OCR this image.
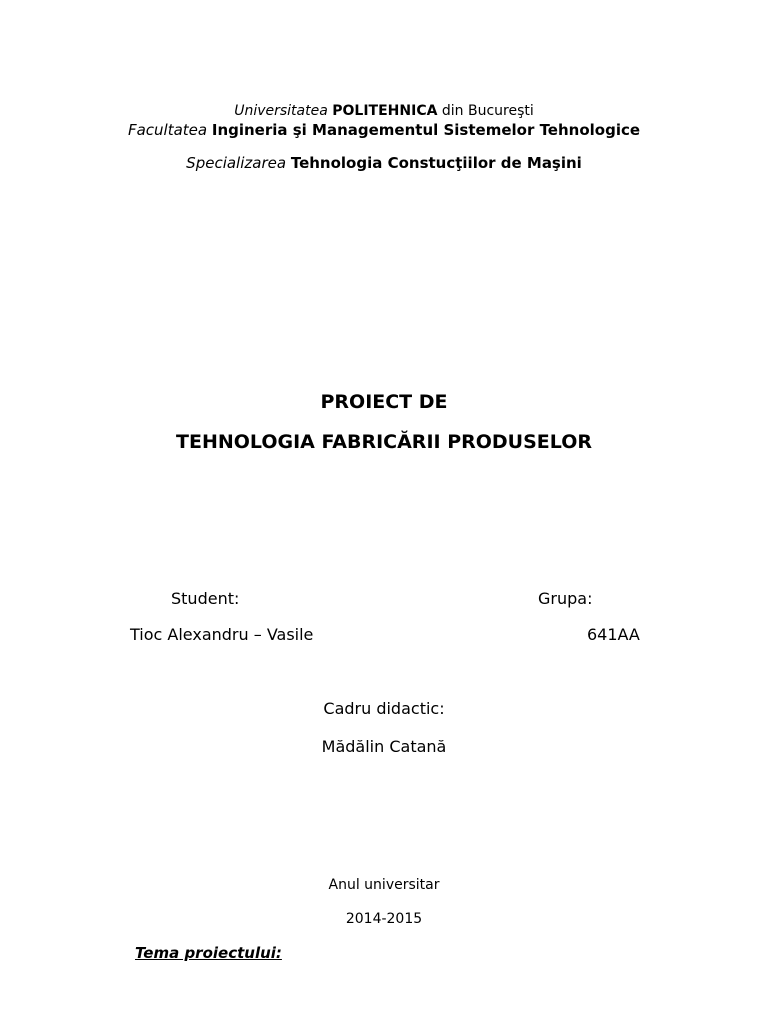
Universitatea POLITEHNICA din Bucureşti
Facultatea Ingineria şi Managementul Sistemelor Tehnologice
Specializarea Tehnologia Constucţiilor de Maşini
PROIECT DE
TEHNOLOGIA FABRICĂRII PRODUSELOR
Student:	Grupa:
Tioc Alexandru – Vasile	641AA
Cadru didactic:
Mădălin Catană
Anul universitar
2014-2015
Tema proiectului:
